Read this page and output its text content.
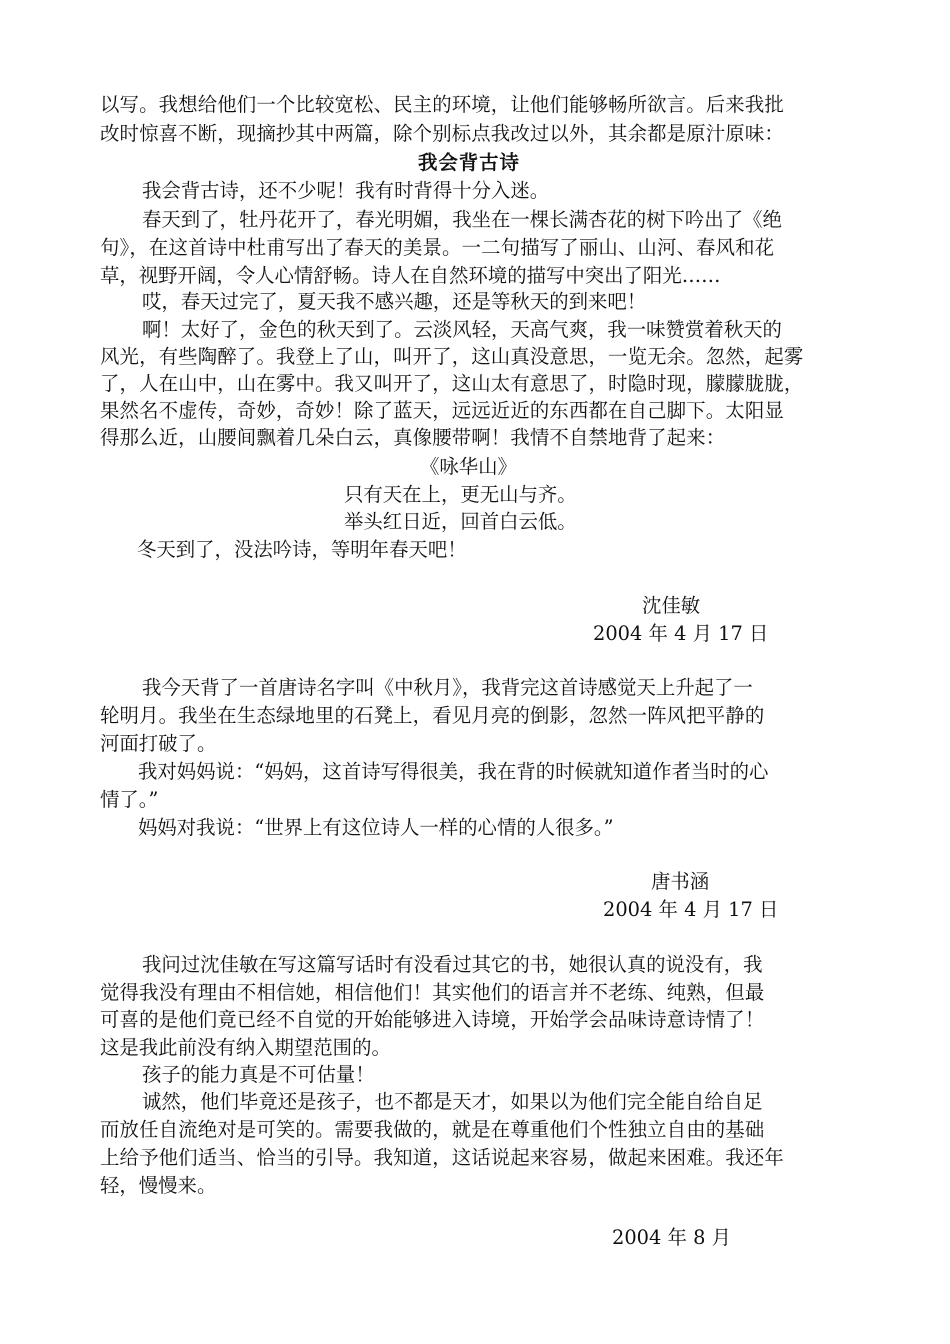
以写。我想给他们一个比较宽松、民主的环境，让他们能够畅所欲言。后来我批
改时惊喜不断，现摘抄其中两篇，除个别标点我改过以外，其余都是原汁原味：
我会背古诗
我会背古诗，还不少呢！我有时背得十分入迷。
春天到了，牡丹花开了，春光明媚，我坐在一棵长满杏花的树下吟出了《绝
句》，在这首诗中杜甫写出了春天的美景。一二句描写了丽山、山河、春风和花
草，视野开阔，令人心情舒畅。诗人在自然环境的描写中突出了阳光……
哎，春天过完了，夏天我不感兴趣，还是等秋天的到来吧！
啊！太好了，金色的秋天到了。云淡风轻，天高气爽，我一味赞赏着秋天的
风光，有些陶醉了。我登上了山，叫开了，这山真没意思，一览无余。忽然，起雾
了，人在山中，山在雾中。我又叫开了，这山太有意思了，时隐时现，朦朦胧胧，
果然名不虚传，奇妙，奇妙！除了蓝天，远远近近的东西都在自己脚下。太阳显
得那么近，山腰间飘着几朵白云，真像腰带啊！我情不自禁地背了起来：
《咏华山》
只有天在上，更无山与齐。
举头红日近，回首白云低。
冬天到了，没法吟诗，等明年春天吧！
沈佳敏
2004 年 4 月 17 日
我今天背了一首唐诗名字叫《中秋月》，我背完这首诗感觉天上升起了一
轮明月。我坐在生态绿地里的石凳上，看见月亮的倒影，忽然一阵风把平静的
河面打破了。
我对妈妈说：“妈妈，这首诗写得很美，我在背的时候就知道作者当时的心
情了。”
妈妈对我说：“世界上有这位诗人一样的心情的人很多。”
唐书涵
2004 年 4 月 17 日
我问过沈佳敏在写这篇写话时有没看过其它的书，她很认真的说没有，我
觉得我没有理由不相信她，相信他们！其实他们的语言并不老练、纯熟，但最
可喜的是他们竟已经不自觉的开始能够进入诗境，开始学会品味诗意诗情了！
这是我此前没有纳入期望范围的。
孩子的能力真是不可估量！
诚然，他们毕竟还是孩子，也不都是天才，如果以为他们完全能自给自足
而放任自流绝对是可笑的。需要我做的，就是在尊重他们个性独立自由的基础
上给予他们适当、恰当的引导。我知道，这话说起来容易，做起来困难。我还年
轻，慢慢来。
2004 年 8 月
